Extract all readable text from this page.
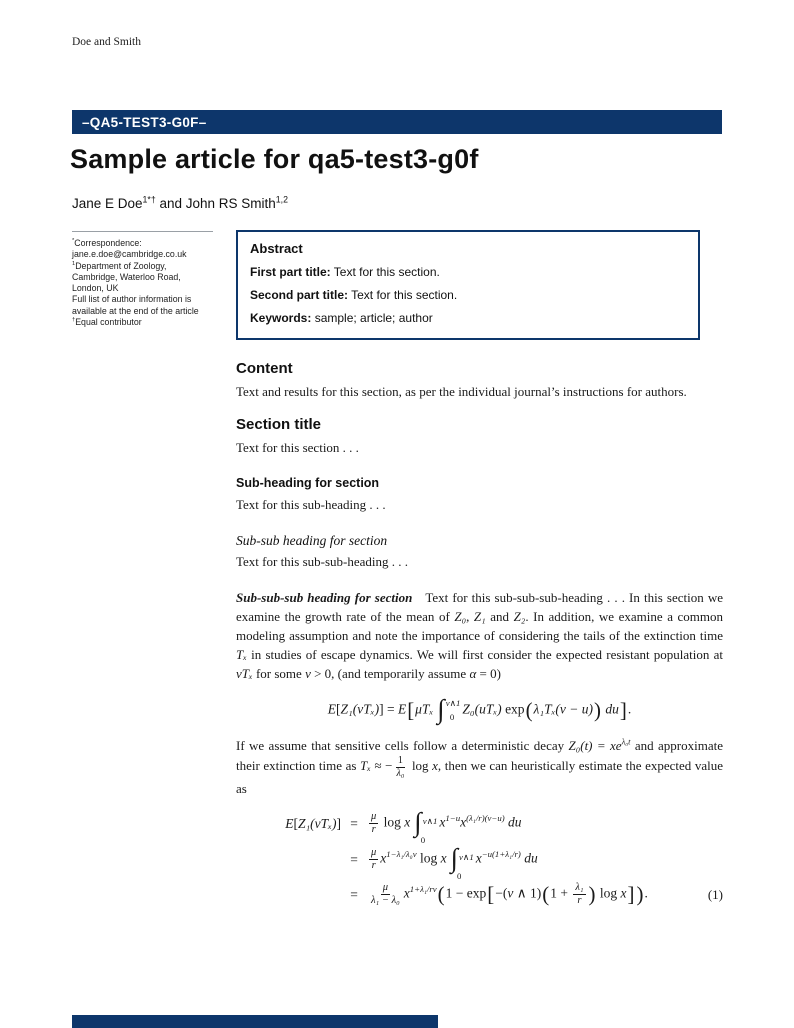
Doe and Smith
–QA5-TEST3-G0F–
Sample article for qa5-test3-g0f
Jane E Doe$^{1*\dagger}$ and John RS Smith$^{1,2}$
*Correspondence:
jane.e.doe@cambridge.co.uk
$^1$Department of Zoology,
Cambridge, Waterloo Road,
London, UK
Full list of author information is
available at the end of the article
†Equal contributor
Abstract

First part title: Text for this section.

Second part title: Text for this section.

Keywords: sample; article; author

Content

Text and results for this section, as per the individual journal’s instructions for authors.

Section title

Text for this section . . .

Sub-heading for section

Text for this sub-heading . . .

Sub-sub heading for section

Text for this sub-sub-heading . . .

Sub-sub-sub heading for section Text for this sub-sub-sub-heading . . . In this section we examine the growth rate of the mean of Z₀, Z₁ and Z₂. In addition, we examine a common modeling assumption and note the importance of considering the tails of the extinction time Tₓ in studies of escape dynamics. We will first consider the expected resistant population at vTₓ for some v > 0, (and temporarily assume α = 0)

E[Z₁(vTₓ)] = E[μTₓ ∫ v∧1
0
Z₀(uTₓ) exp(λ₁Tₓ(v − u)) du].

If we assume that sensitive cells follow a deterministic decay $Z_0(t) = xe^{\lambda_0t}$ and approximate their extinction time as Tₓ ≈ − $\frac{1}{\text{λ₀}}$ log x, then we can heuristically estimate the expected value as

E[Z₁(vTₓ)] =	$\frac{\mu}{r}$ log x ∫ v∧1
0
$x^{1-u}x^{(\lambda_1/r)(v-u)}$ du
=	$\frac{\mu}{r} x^{1-\lambda_1/\lambda_0v}$ log x ∫ v∧1
0
$x^{-u(1+\lambda_1/r)}$ du
=	$\frac{\mu}{\text{λ₁ − λ₀}} x^{1+\lambda_1/rv}(1 - \exp[-(v$ ∧ $1)(1 + \frac{\text{λ₁}}{r}$ ) log x]).	(1)
